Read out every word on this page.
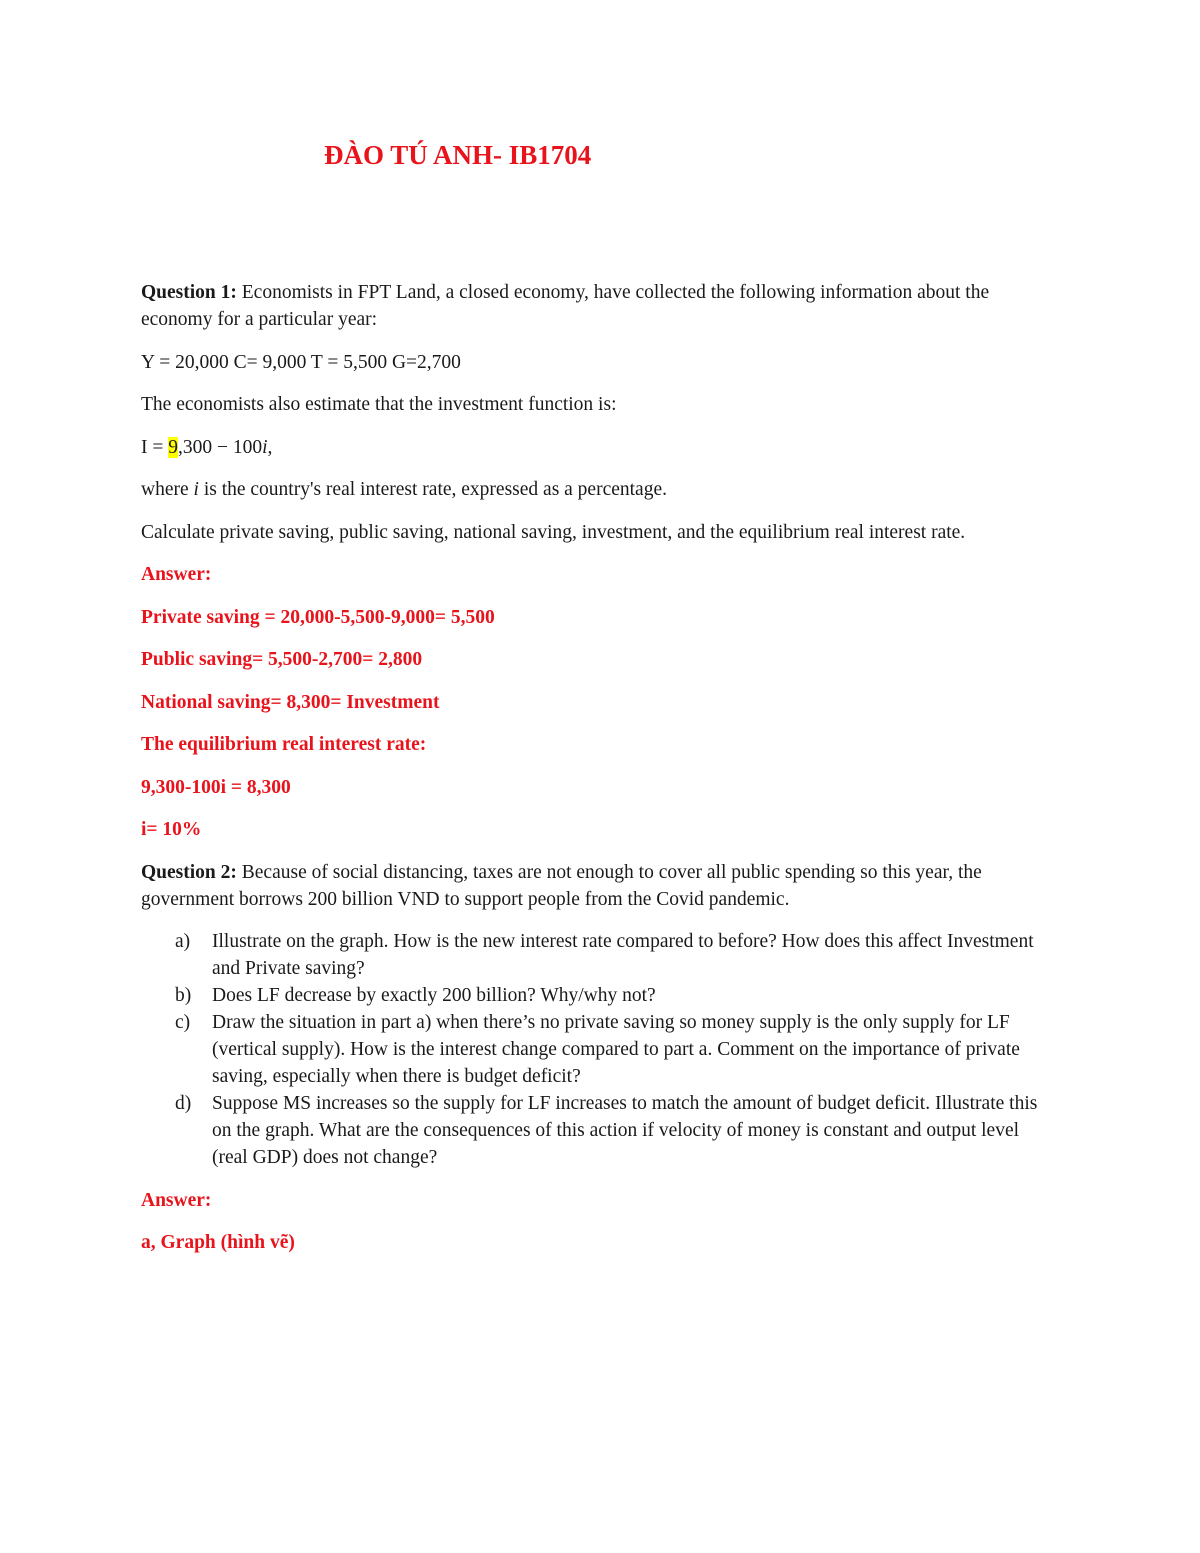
ĐÀO TÚ ANH- IB1704

Question 1: Economists in FPT Land, a closed economy, have collected the following information about the economy for a particular year:

Y = 20,000 C= 9,000 T = 5,500 G=2,700

The economists also estimate that the investment function is:

I = 9,300 − 100i,

where i is the country's real interest rate, expressed as a percentage.

Calculate private saving, public saving, national saving, investment, and the equilibrium real interest rate.

Answer:

Private saving = 20,000-5,500-9,000= 5,500

Public saving= 5,500-2,700= 2,800

National saving= 8,300= Investment

The equilibrium real interest rate:

9,300-100i = 8,300

i= 10%

Question 2: Because of social distancing, taxes are not enough to cover all public spending so this year, the government borrows 200 billion VND to support people from the Covid pandemic.

a)	Illustrate on the graph. How is the new interest rate compared to before? How does this affect Investment and Private saving?
b)	Does LF decrease by exactly 200 billion? Why/why not?
c)	Draw the situation in part a) when there’s no private saving so money supply is the only supply for LF (vertical supply). How is the interest change compared to part a. Comment on the importance of private saving, especially when there is budget deficit?
d)	Suppose MS increases so the supply for LF increases to match the amount of budget deficit. Illustrate this on the graph. What are the consequences of this action if velocity of money is constant and output level (real GDP) does not change?

Answer:

a, Graph (hình vẽ)
